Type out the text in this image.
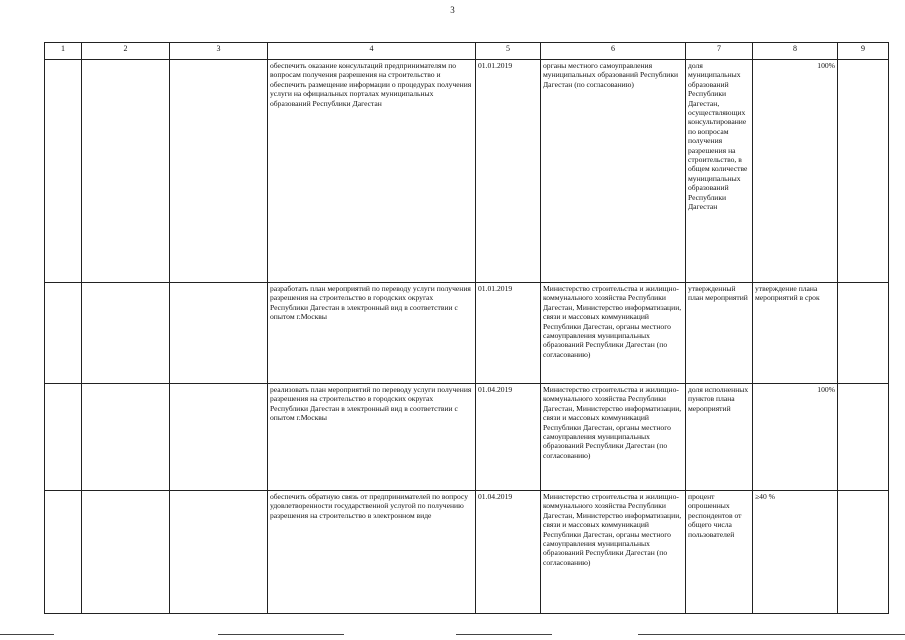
3
1	2	3	4	5	6	7	8	9
			обеспечить оказание консультаций предпринимателям по вопросам получения разрешения на строительство и обеспечить размещение информации о процедурах получения услуги на официальных порталах муниципальных образований Республики Дагестан	01.01.2019	органы местного самоуправления муниципальных образований Республики Дагестан (по согласованию)	доля муниципальных образований Республики Дагестан, осуществляющих консультирование по вопросам получения разрешения на строительство, в общем количестве муниципальных образований Республики Дагестан	100%	
			разработать план мероприятий по переводу услуги получения разрешения на строительство в городских округах Республики Дагестан в электронный вид в соответствии с опытом г.Москвы	01.01.2019	Министерство строительства и жилищно-коммунального хозяйства Республики Дагестан, Министерство информатизации, связи и массовых коммуникаций Республики Дагестан, органы местного самоуправления муниципальных образований Республики Дагестан (по согласованию)	утвержденный план мероприятий	утверждение плана мероприятий в срок	
			реализовать план мероприятий по переводу услуги получения разрешения на строительство в городских округах Республики Дагестан в электронный вид в соответствии с опытом г.Москвы	01.04.2019	Министерство строительства и жилищно-коммунального хозяйства Республики Дагестан, Министерство информатизации, связи и массовых коммуникаций Республики Дагестан, органы местного самоуправления муниципальных образований Республики Дагестан (по согласованию)	доля исполненных пунктов плана мероприятий	100%	
			обеспечить обратную связь от предпринимателей по вопросу удовлетворенности государственной услугой по получению разрешения на строительство в электронном виде	01.04.2019	Министерство строительства и жилищно-коммунального хозяйства Республики Дагестан, Министерство информатизации, связи и массовых коммуникаций Республики Дагестан, органы местного самоуправления муниципальных образований Республики Дагестан (по согласованию)	процент опрошенных респондентов от общего числа пользователей	≥40 %	
